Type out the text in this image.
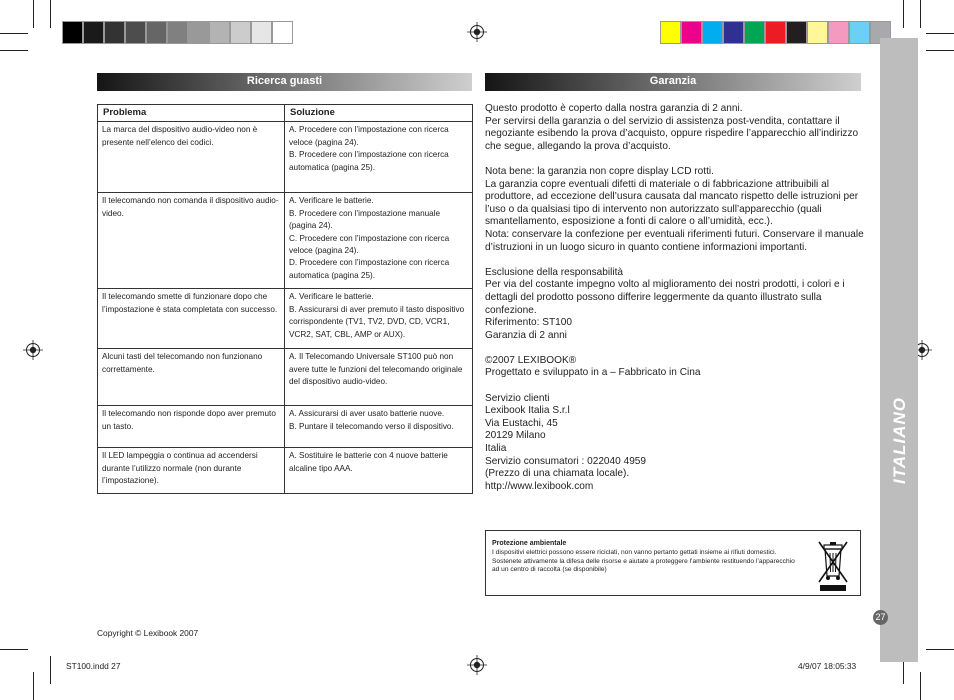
ITALIANO
27
Ricerca guasti
Problema	Soluzione
La marca del dispositivo audio-video non è presente nell’elenco dei codici.	A. Procedere con l’impostazione con ricerca veloce (pagina 24).
B. Procedere con l’impostazione con ricerca automatica (pagina 25).

Il telecomando non comanda il dispositivo audio-video.	A. Verificare le batterie.
B. Procedere con l’impostazione manuale (pagina 24).
C. Procedere con l’impostazione con ricerca veloce (pagina 24).
D. Procedere con l’impostazione con ricerca automatica (pagina 25).

Il telecomando smette di funzionare dopo che l’impostazione è stata completata con successo.	A. Verificare le batterie.
B. Assicurarsi di aver premuto il tasto dispositivo corrispondente (TV1, TV2, DVD, CD, VCR1, VCR2, SAT, CBL, AMP or AUX).

Alcuni tasti del telecomando non funzionano correttamente.	A. Il Telecomando Universale ST100 può non avere tutte le funzioni del telecomando originale del dispositivo audio-video.

Il telecomando non risponde dopo aver premuto un tasto.	A. Assicurarsi di aver usato batterie nuove.
B. Puntare il telecomando verso il dispositivo.

Il LED lampeggia o continua ad accendersi durante l’utilizzo normale (non durante l’impostazione).	A. Sostituire le batterie con 4 nuove batterie alcaline tipo AAA.
Copyright © Lexibook 2007
Garanzia
Questo prodotto è coperto dalla nostra garanzia di 2 anni.
Per servirsi della garanzia o del servizio di assistenza post-vendita, contattare il negoziante esibendo la prova d’acquisto, oppure rispedire l’apparecchio all’indirizzo che segue, allegando la prova d’acquisto.
Nota bene: la garanzia non copre display LCD rotti.
La garanzia copre eventuali difetti di materiale o di fabbricazione attribuibili al produttore, ad eccezione dell’usura causata dal mancato rispetto delle istruzioni per l’uso o da qualsiasi tipo di intervento non autorizzato sull’apparecchio (quali smantellamento, esposizione a fonti di calore o all’umidità, ecc.).
Nota: conservare la confezione per eventuali riferimenti futuri. Conservare il manuale d’istruzioni in un luogo sicuro in quanto contiene informazioni importanti.
Esclusione della responsabilità
Per via del costante impegno volto al miglioramento dei nostri prodotti, i colori e i dettagli del prodotto possono differire leggermente da quanto illustrato sulla confezione.
Riferimento: ST100
Garanzia di 2 anni
©2007 LEXIBOOK®
Progettato e sviluppato in a – Fabbricato in Cina
Servizio clienti
Lexibook Italia S.r.l
Via Eustachi, 45
20129 Milano
Italia
Servizio consumatori : 022040 4959
(Prezzo di una chiamata locale).
http://www.lexibook.com
Protezione ambientale
I dispositivi elettrici possono essere riciclati, non vanno pertanto gettati insieme ai rifiuti domestici. Sostenete attivamente la difesa delle risorse e aiutate a proteggere l’ambiente restituendo l’apparecchio ad un centro di raccolta (se disponibile)
ST100.indd 27	4/9/07 18:05:33
